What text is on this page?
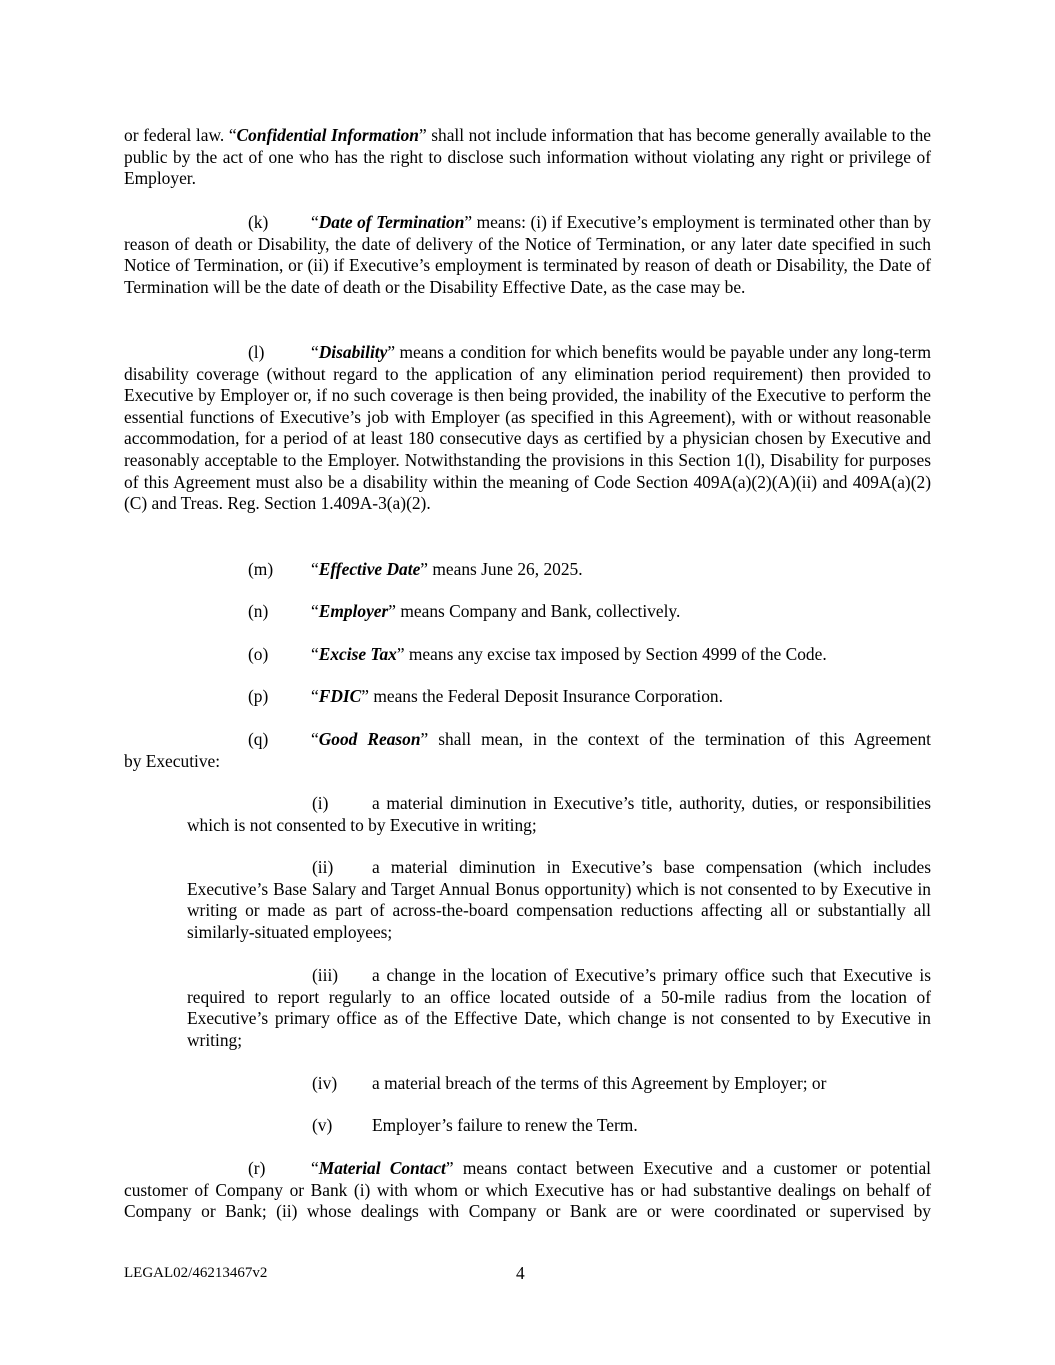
or federal law. “Confidential Information” shall not include information that has become generally available to the public by the act of one who has the right to disclose such information without violating any right or privilege of Employer.

(k) “Date of Termination” means: (i) if Executive’s employment is terminated other than by reason of death or Disability, the date of delivery of the Notice of Termination, or any later date specified in such Notice of Termination, or (ii) if Executive’s employment is terminated by reason of death or Disability, the Date of Termination will be the date of death or the Disability Effective Date, as the case may be.

(l)	“Disability” means a condition for which benefits would be payable under any long-term disability coverage (without regard to the application of any elimination period requirement) then provided to Executive by Employer or, if no such coverage is then being provided, the inability of the Executive to perform the essential functions of Executive’s job with Employer (as specified in this Agreement), with or without reasonable accommodation, for a period of at least 180 consecutive days as certified by a physician chosen by Executive and reasonably acceptable to the Employer. Notwithstanding the provisions in this Section 1(l), Disability for purposes of this Agreement must also be a disability within the meaning of Code Section 409A(a)(2)(A)(ii) and 409A(a)(2)(C) and Treas. Reg. Section 1.409A-3(a)(2).

(m) “Effective Date” means June 26, 2025.
(n) “Employer” means Company and Bank, collectively.
(o) “Excise Tax” means any excise tax imposed by Section 4999 of the Code.
(p) “FDIC” means the Federal Deposit Insurance Corporation.
(q) “Good Reason” shall mean, in the context of the termination of this Agreement
by Executive:

(i)	a material diminution in Executive’s title, authority, duties, or responsibilities which is not consented to by Executive in writing;

(ii) a material diminution in Executive’s base compensation (which includes Executive’s Base Salary and Target Annual Bonus opportunity) which is not consented to by Executive in writing or made as part of across-the-board compensation reductions affecting all or substantially all similarly-situated employees;

(iii) a change in the location of Executive’s primary office such that Executive is required to report regularly to an office located outside of a 50-mile radius from the location of Executive’s primary office as of the Effective Date, which change is not consented to by Executive in writing;

(iv) a material breach of the terms of this Agreement by Employer; or
(v) Employer’s failure to renew the Term.

(r)	“Material Contact” means contact between Executive and a customer or potential customer of Company or Bank (i) with whom or which Executive has or had substantive dealings on behalf of Company or Bank; (ii) whose dealings with Company or Bank are or were coordinated or supervised by

LEGAL02/46213467v2	4
